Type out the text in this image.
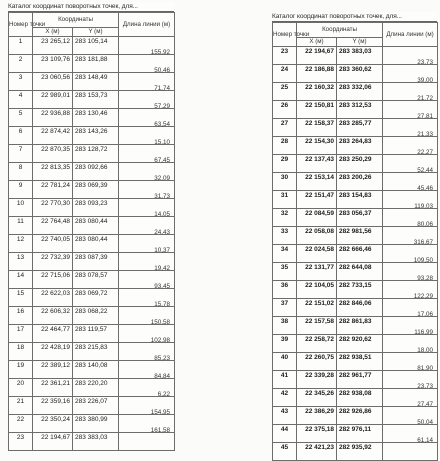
Каталог координат поворотных точек, для...
Номер точки	Координаты		Длина линии (м)
	X (м)	Y (м)	

1	23 265,12	283 105,14	155,92

2	23 109,76	283 181,88	50,46

3	23 060,56	283 148,49	71,74

4	22 989,01	283 153,73	57,29

5	22 936,88	283 130,46	63,54

6	22 874,42	283 143,26	15,10

7	22 870,35	283 128,72	67,45

8	22 813,35	283 092,66	32,09

9	22 781,24	283 069,39	31,73

10	22 770,30	283 093,23	14,05

11	22 764,48	283 080,44	24,43

12	22 740,05	283 080,44	10,37

13	22 732,39	283 087,39	19,42

14	22 715,06	283 078,57	93,45

15	22 622,03	283 069,72	15,78

16	22 606,32	283 068,22	150,58

17	22 464,77	283 119,57	102,98

18	22 428,19	283 215,83	85,23

19	22 389,12	283 140,08	84,84

20	22 361,21	283 220,20	6,22

21	22 359,16	283 226,07	154,95

22	22 350,24	283 380,99	161,58

23	22 194,67	283 383,03	

Каталог координат поворотных точек, для...
Номер точки	Координаты		Длина линии (м)
	X (м)	Y (м)	

23	22 194,67	283 383,03	23,73

24	22 186,88	283 360,62	39,00

25	22 160,32	283 332,06	21,72

26	22 150,81	283 312,53	27,81

27	22 158,37	283 285,77	21,33

28	22 154,30	283 264,83	22,27

29	22 137,43	283 250,29	52,44

30	22 153,14	283 200,26	45,46

31	22 151,47	283 154,83	119,03

32	22 084,59	283 056,37	80,06

33	22 058,08	282 981,56	316,67

34	22 024,58	282 666,46	109,50

35	22 131,77	282 644,08	93,28

36	22 104,05	282 733,15	122,29

37	22 151,02	282 846,06	17,06

38	22 157,58	282 861,83	116,99

39	22 258,72	282 920,62	18,00

40	22 260,75	282 938,51	81,90

41	22 339,28	282 961,77	23,73

42	22 345,26	282 938,08	27,47

43	22 386,29	282 926,86	50,04

44	22 375,18	282 976,11	61,14

45	22 421,23	282 935,92	
